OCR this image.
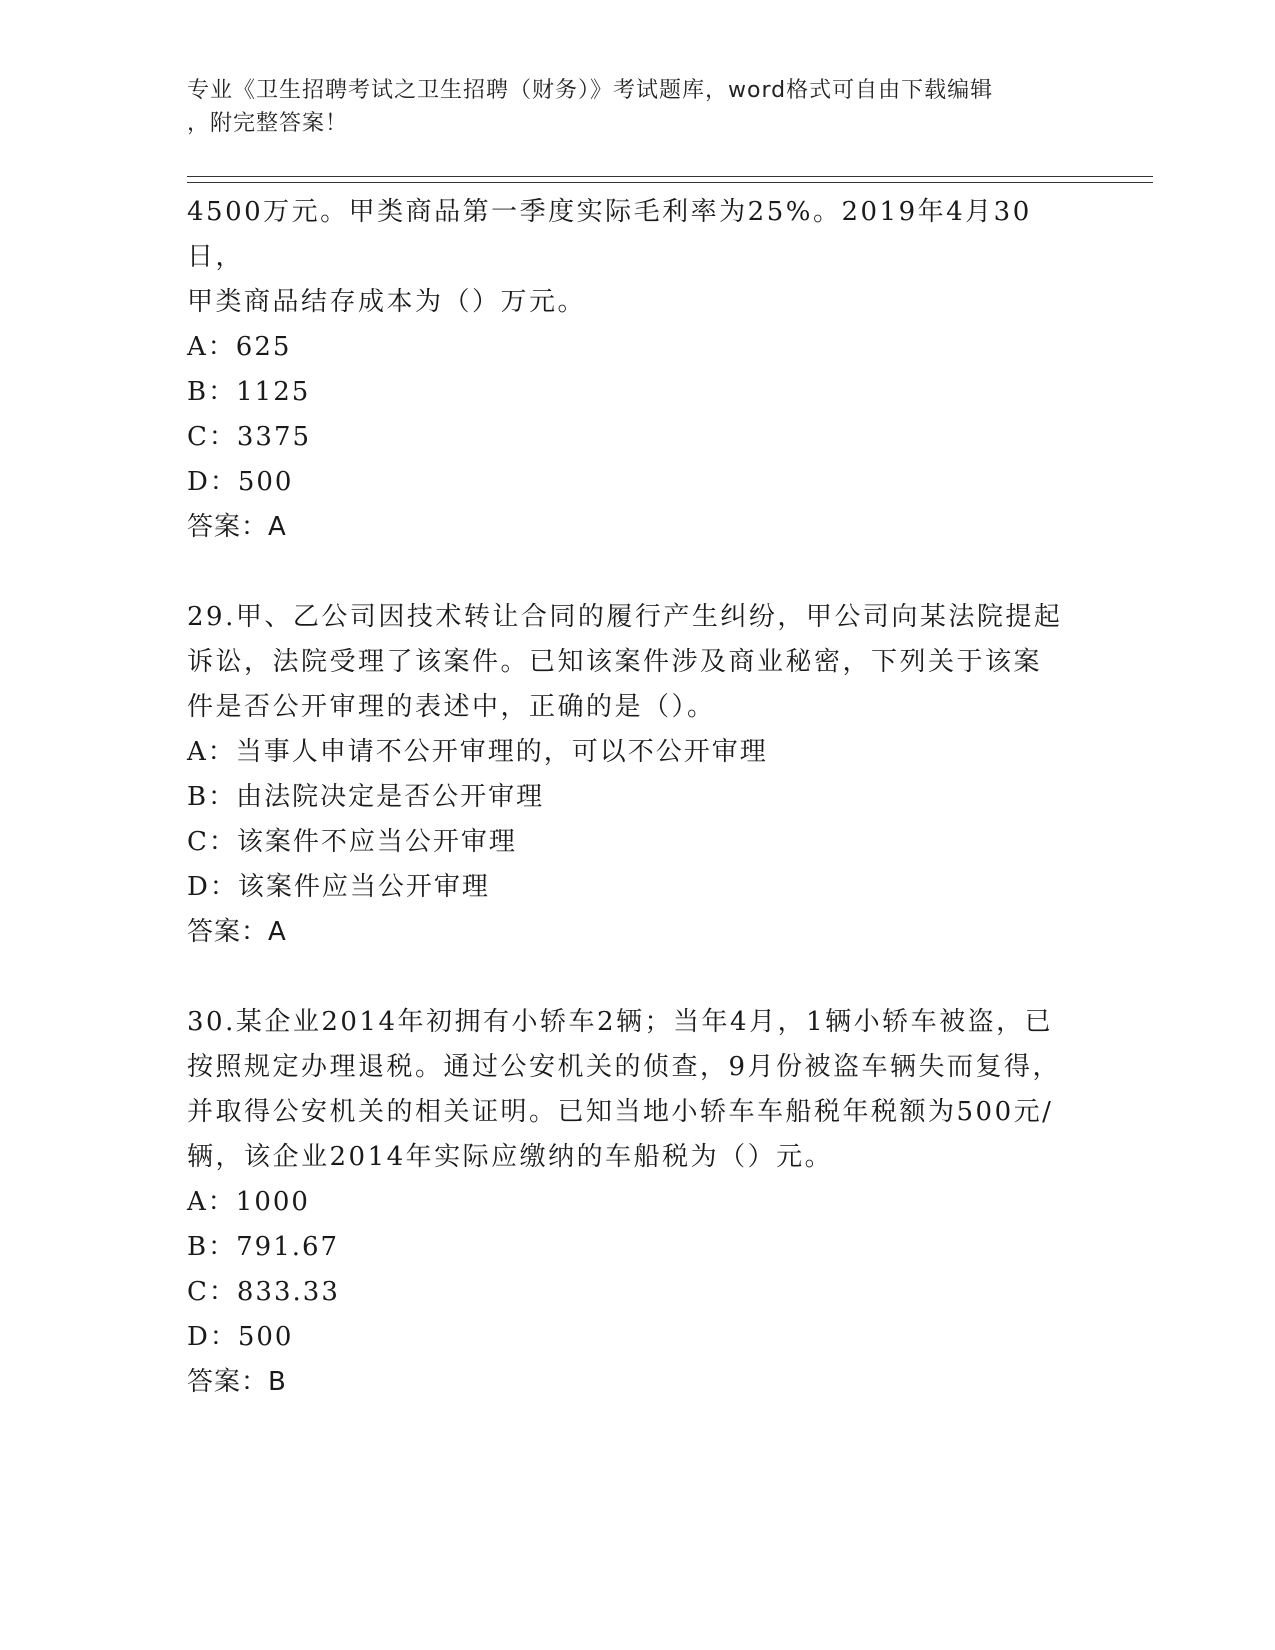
专业《卫生招聘考试之卫生招聘（财务）》考试题库，word格式可自由下载编辑
，附完整答案！

4500万元。甲类商品第一季度实际毛利率为25%。2019年4月30日，

甲类商品结存成本为（）万元。

A：625

B：1125

C：3375

D：500

答案：A

29.甲、乙公司因技术转让合同的履行产生纠纷，甲公司向某法院提起

诉讼，法院受理了该案件。已知该案件涉及商业秘密，下列关于该案

件是否公开审理的表述中，正确的是（）。

A：当事人申请不公开审理的，可以不公开审理

B：由法院决定是否公开审理

C：该案件不应当公开审理

D：该案件应当公开审理

答案：A

30.某企业2014年初拥有小轿车2辆；当年4月，1辆小轿车被盗，已

按照规定办理退税。通过公安机关的侦查，9月份被盗车辆失而复得，

并取得公安机关的相关证明。已知当地小轿车车船税年税额为500元/

辆，该企业2014年实际应缴纳的车船税为（）元。

A：1000

B：791.67

C：833.33

D：500

答案：B
